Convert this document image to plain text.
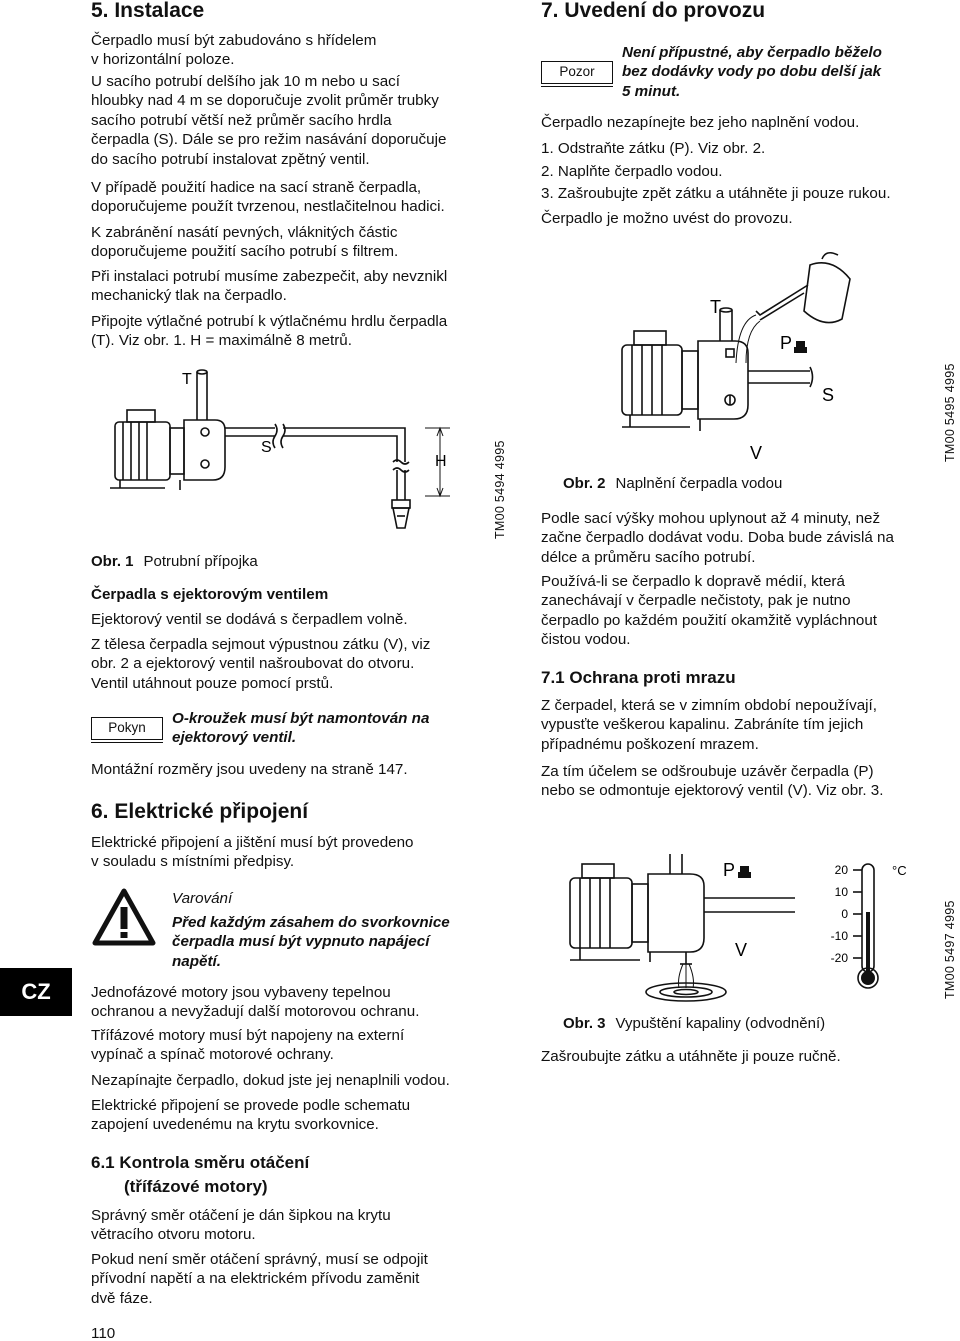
5. Instalace
Čerpadlo musí být zabudováno s hřídelem
v horizontální poloze.
U sacího potrubí delšího jak 10 m nebo u sací
hloubky nad 4 m se doporučuje zvolit průměr trubky
sacího potrubí větší než průměr sacího hrdla
čerpadla (S). Dále se pro režim nasávání doporučuje
do sacího potrubí instalovat zpětný ventil.
V případě použití hadice na sací straně čerpadla,
doporučujeme použít tvrzenou, nestlačitelnou hadici.
K zabránění nasátí pevných, vláknitých částic
doporučujeme použití sacího potrubí s filtrem.
Při instalaci potrubí musíme zabezpečit, aby nevznikl
mechanický tlak na čerpadlo.
Připojte výtlačné potrubí k výtlačnému hrdlu čerpadla
(T). Viz obr. 1. H = maximálně 8 metrů.
T
S
H	TM00 5494 4995
Obr. 1 Potrubní přípojka
Čerpadla s ejektorovým ventilem
Ejektorový ventil se dodává s čerpadlem volně.
Z tělesa čerpadla sejmout výpustnou zátku (V), viz
obr. 2 a ejektorový ventil našroubovat do otvoru.
Ventil utáhnout pouze pomocí prstů.
Pokyn
O-kroužek musí být namontován na
ejektorový ventil.
Montážní rozměry jsou uvedeny na straně 147.
6. Elektrické připojení
Elektrické připojení a jištění musí být provedeno
v souladu s místními předpisy.
Varování
Před každým zásahem do svorkovnice
čerpadla musí být vypnuto napájecí
napětí.
Jednofázové motory jsou vybaveny tepelnou
ochranou a nevyžadují další motorovou ochranu.
Třífázové motory musí být napojeny na externí
vypínač a spínač motorové ochrany.
Nezapínajte čerpadlo, dokud jste jej nenaplnili vodou.
Elektrické připojení se provede podle schematu
zapojení uvedenému na krytu svorkovnice.
6.1 Kontrola směru otáčení
(třífázové motory)
Správný směr otáčení je dán šipkou na krytu
větracího otvoru motoru.
Pokud není směr otáčení správný, musí se odpojit
přívodní napětí a na elektrickém přívodu zaměnit
dvě fáze.
110
CZ
7. Uvedení do provozu
Pozor
Není přípustné, aby čerpadlo běželo
bez dodávky vody po dobu delší jak
5 minut.
Čerpadlo nezapínejte bez jeho naplnění vodou.
1. Odstraňte zátku (P). Viz obr. 2.
2. Naplňte čerpadlo vodou.
3. Zašroubujte zpět zátku a utáhněte ji pouze rukou.
Čerpadlo je možno uvést do provozu.
T
P
S
V	TM00 5495 4995
Obr. 2 Naplnění čerpadla vodou
Podle sací výšky mohou uplynout až 4 minuty, než
začne čerpadlo dodávat vodu. Doba bude závislá na
délce a průměru sacího potrubí.
Používá-li se čerpadlo k dopravě médií, která
zanechávají v čerpadle nečistoty, pak je nutno
čerpadlo po každém použití okamžitě vypláchnout
čistou vodou.
7.1 Ochrana proti mrazu
Z čerpadel, která se v zimním období nepoužívají,
vypusťte veškerou kapalinu. Zabráníte tím jejich
případnému poškození mrazem.
Za tím účelem se odšroubuje uzávěr čerpadla (P)
nebo se odmontuje ejektorový ventil (V). Viz obr. 3.
P
V
°C
20
10
0
-10
-20	TM00 5497 4995
Obr. 3 Vypuštění kapaliny (odvodnění)
Zašroubujte zátku a utáhněte ji pouze ručně.
